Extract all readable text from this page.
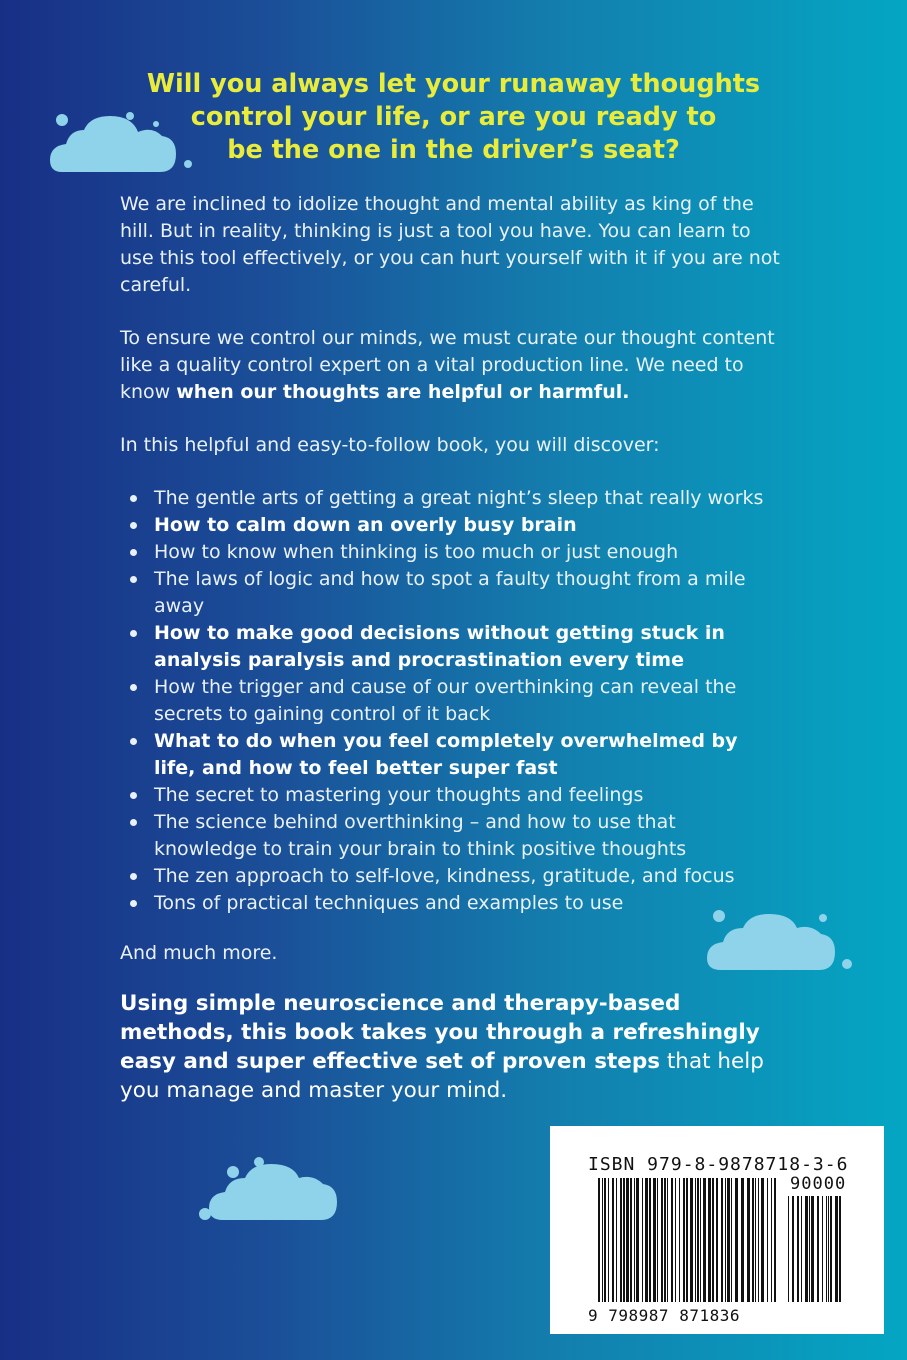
Will you always let your runaway thoughts
control your life, or are you ready to
be the one in the driver’s seat?

We are inclined to idolize thought and mental ability as king of the hill. But in reality, thinking is just a tool you have. You can learn to use this tool effectively, or you can hurt yourself with it if you are not careful.

To ensure we control our minds, we must curate our thought content like a quality control expert on a vital production line. We need to know when our thoughts are helpful or harmful.

In this helpful and easy-to-follow book, you will discover:

The gentle arts of getting a great night’s sleep that really works
How to calm down an overly busy brain
How to know when thinking is too much or just enough
The laws of logic and how to spot a faulty thought from a mile away
How to make good decisions without getting stuck in analysis paralysis and procrastination every time
How the trigger and cause of our overthinking can reveal the secrets to gaining control of it back
What to do when you feel completely overwhelmed by life, and how to feel better super fast
The secret to mastering your thoughts and feelings
The science behind overthinking – and how to use that knowledge to train your brain to think positive thoughts
The zen approach to self-love, kindness, gratitude, and focus
Tons of practical techniques and examples to use

And much more.

Using simple neuroscience and therapy-based methods, this book takes you through a refreshingly easy and super effective set of proven steps that help you manage and master your mind.

ISBN 979-8-9878718-3-6

90000

9 798987 871836
